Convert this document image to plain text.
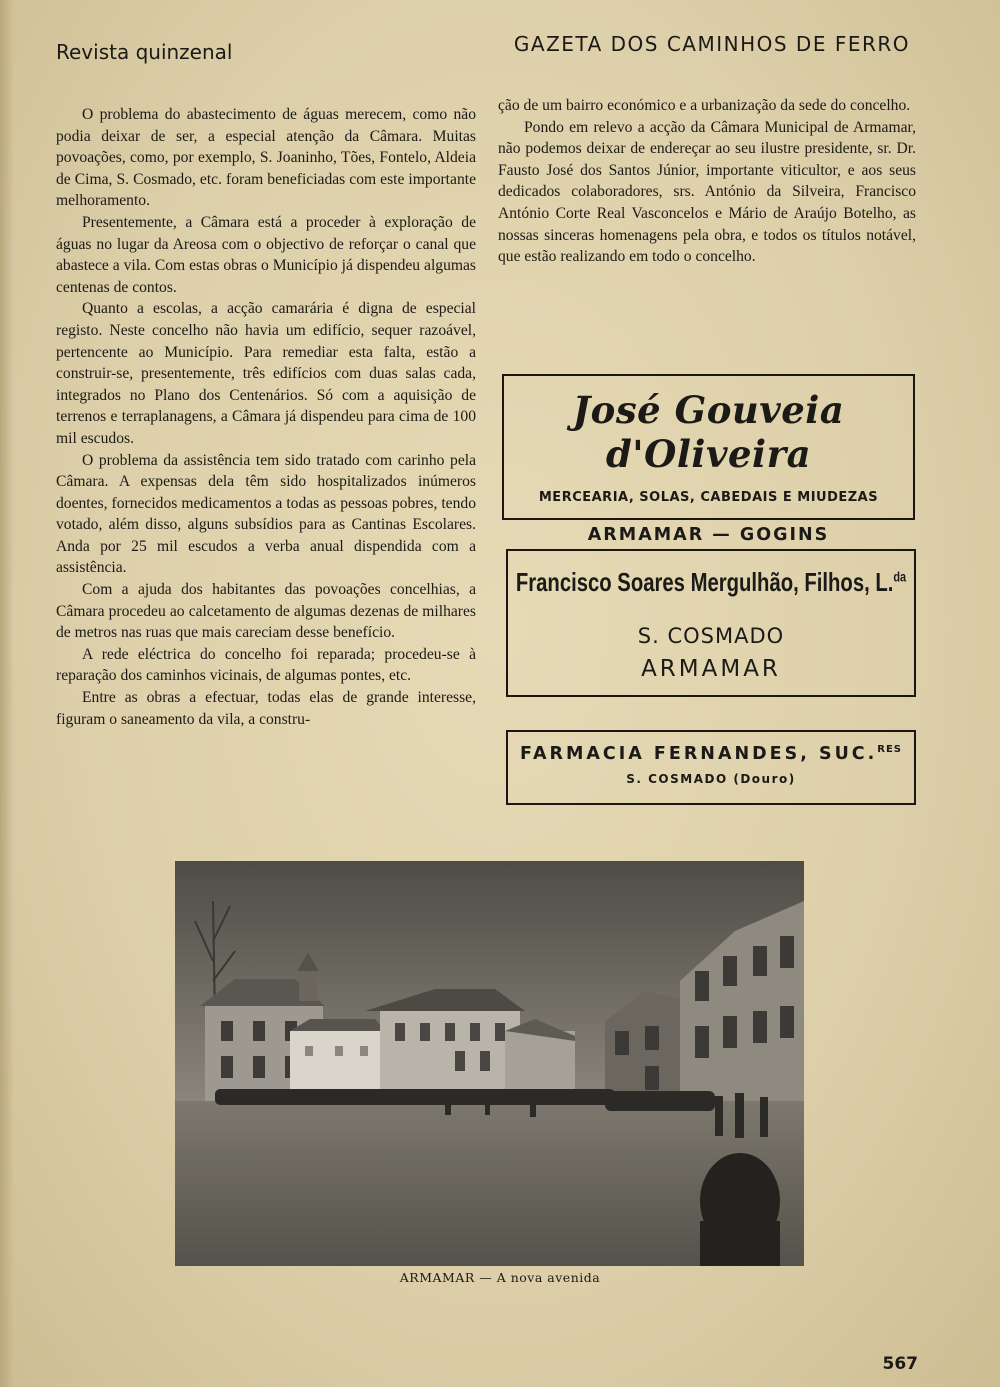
Revista quinzenal	GAZETA DOS CAMINHOS DE FERRO

O problema do abastecimento de águas merecem, como não podia deixar de ser, a especial atenção da Câmara. Muitas povoações, como, por exemplo, S. Joaninho, Tões, Fontelo, Aldeia de Cima, S. Cosmado, etc. foram beneficiadas com este importante melhoramento.

Presentemente, a Câmara está a proceder à exploração de águas no lugar da Areosa com o objectivo de reforçar o canal que abastece a vila. Com estas obras o Município já dispendeu algumas centenas de contos.

Quanto a escolas, a acção camarária é digna de especial registo. Neste concelho não havia um edifício, sequer razoável, pertencente ao Município. Para remediar esta falta, estão a construir-se, presentemente, três edifícios com duas salas cada, integrados no Plano dos Centenários. Só com a aquisição de terrenos e terraplanagens, a Câmara já dispendeu para cima de 100 mil escudos.

O problema da assistência tem sido tratado com carinho pela Câmara. A expensas dela têm sido hospitalizados inúmeros doentes, fornecidos medicamentos a todas as pessoas pobres, tendo votado, além disso, alguns subsídios para as Cantinas Escolares. Anda por 25 mil escudos a verba anual dispendida com a assistência.

Com a ajuda dos habitantes das povoações concelhias, a Câmara procedeu ao calcetamento de algumas dezenas de milhares de metros nas ruas que mais careciam desse benefício.

A rede eléctrica do concelho foi reparada; procedeu-se à reparação dos caminhos vicinais, de algumas pontes, etc.

Entre as obras a efectuar, todas elas de grande interesse, figuram o saneamento da vila, a constru-

ção de um bairro económico e a urbanização da sede do concelho.

Pondo em relevo a acção da Câmara Municipal de Armamar, não podemos deixar de endereçar ao seu ilustre presidente, sr. Dr. Fausto José dos Santos Júnior, importante viticultor, e aos seus dedicados colaboradores, srs. António da Silveira, Francisco António Corte Real Vasconcelos e Mário de Araújo Botelho, as nossas sinceras homenagens pela obra, e todos os títulos notável, que estão realizando em todo o concelho.

José Gouveia d'Oliveira
MERCEARIA, SOLAS, CABEDAIS E MIUDEZAS
ARMAMAR — GOGINS
Francisco Soares Mergulhão, Filhos, L.$^{da}$
S. COSMADO
ARMAMAR
FARMACIA FERNANDES, SUC.$^{RES}$
S. COSMADO (Douro)
ARMAMAR — A nova avenida
567
